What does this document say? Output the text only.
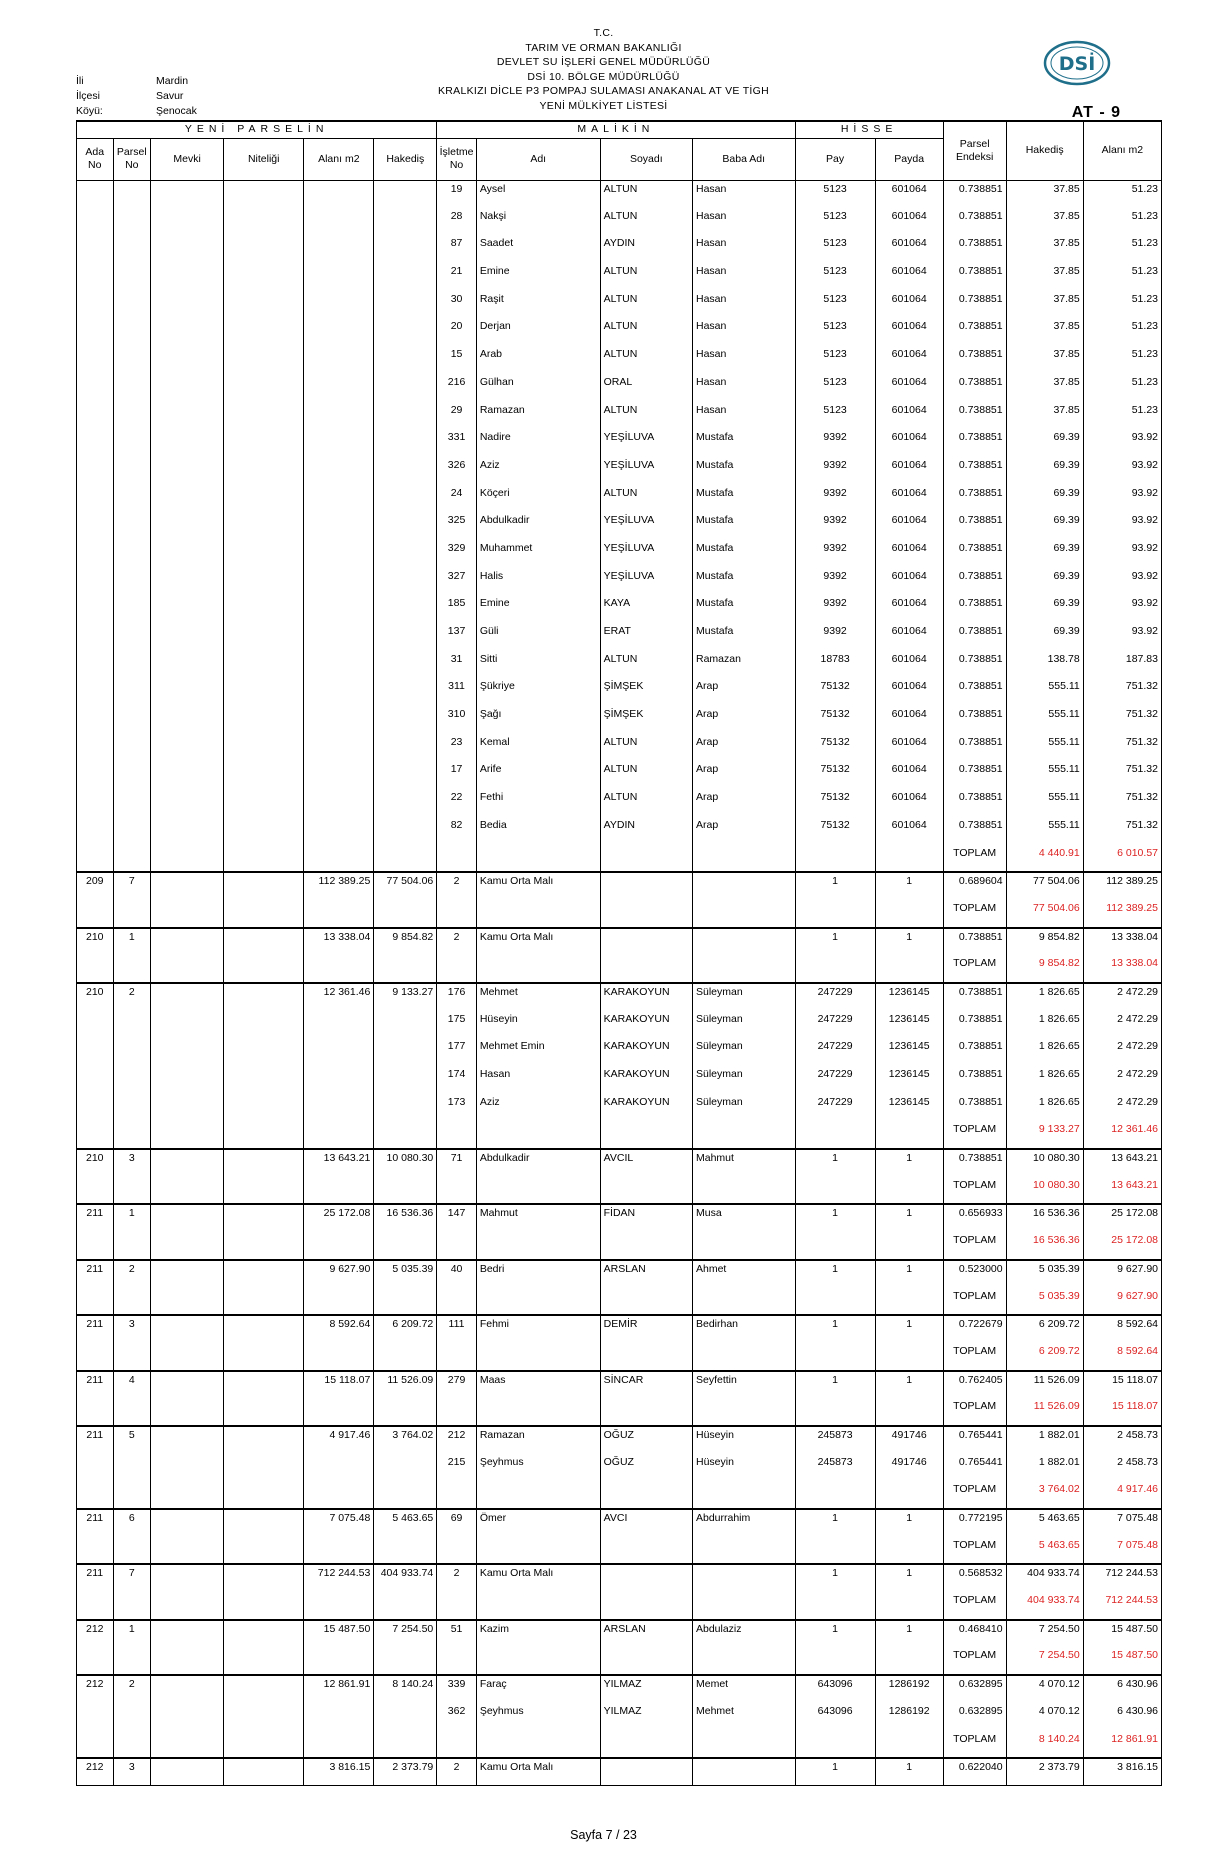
T.C.
TARIM VE ORMAN BAKANLIĞI
DEVLET SU İŞLERİ GENEL MÜDÜRLÜĞÜ
DSİ 10. BÖLGE MÜDÜRLÜĞÜ
KRALKIZI DİCLE P3 POMPAJ SULAMASI ANAKANAL AT VE TİGH
YENİ MÜLKİYET LİSTESİ
İli	Mardin
İlçesi	Savur
Köyü:	Şenocak
DSİ
AT - 9
YENİ PARSELİN						MALİKİN				HİSSE		Parsel Endeksi	Hakediş	Alanı m2
Ada No	Parsel No	Mevki	Niteliği	Alanı m2	Hakediş	İşletme No	Adı	Soyadı	Baba Adı	Pay	Payda			
						19	Aysel	ALTUN	Hasan	5123	601064	0.738851	37.85	51.23
						28	Nakşi	ALTUN	Hasan	5123	601064	0.738851	37.85	51.23
						87	Saadet	AYDIN	Hasan	5123	601064	0.738851	37.85	51.23
						21	Emine	ALTUN	Hasan	5123	601064	0.738851	37.85	51.23
						30	Raşit	ALTUN	Hasan	5123	601064	0.738851	37.85	51.23
						20	Derjan	ALTUN	Hasan	5123	601064	0.738851	37.85	51.23
						15	Arab	ALTUN	Hasan	5123	601064	0.738851	37.85	51.23
						216	Gülhan	ORAL	Hasan	5123	601064	0.738851	37.85	51.23
						29	Ramazan	ALTUN	Hasan	5123	601064	0.738851	37.85	51.23
						331	Nadire	YEŞİLUVA	Mustafa	9392	601064	0.738851	69.39	93.92
						326	Aziz	YEŞİLUVA	Mustafa	9392	601064	0.738851	69.39	93.92
						24	Köçeri	ALTUN	Mustafa	9392	601064	0.738851	69.39	93.92
						325	Abdulkadir	YEŞİLUVA	Mustafa	9392	601064	0.738851	69.39	93.92
						329	Muhammet	YEŞİLUVA	Mustafa	9392	601064	0.738851	69.39	93.92
						327	Halis	YEŞİLUVA	Mustafa	9392	601064	0.738851	69.39	93.92
						185	Emine	KAYA	Mustafa	9392	601064	0.738851	69.39	93.92
						137	Güli	ERAT	Mustafa	9392	601064	0.738851	69.39	93.92
						31	Sitti	ALTUN	Ramazan	18783	601064	0.738851	138.78	187.83
						311	Şükriye	ŞİMŞEK	Arap	75132	601064	0.738851	555.11	751.32
						310	Şağı	ŞİMŞEK	Arap	75132	601064	0.738851	555.11	751.32
						23	Kemal	ALTUN	Arap	75132	601064	0.738851	555.11	751.32
						17	Arife	ALTUN	Arap	75132	601064	0.738851	555.11	751.32
						22	Fethi	ALTUN	Arap	75132	601064	0.738851	555.11	751.32
						82	Bedia	AYDIN	Arap	75132	601064	0.738851	555.11	751.32
												TOPLAM	4 440.91	6 010.57
209	7			112 389.25	77 504.06	2	Kamu Orta Malı			1	1	0.689604	77 504.06	112 389.25
												TOPLAM	77 504.06	112 389.25
210	1			13 338.04	9 854.82	2	Kamu Orta Malı			1	1	0.738851	9 854.82	13 338.04
												TOPLAM	9 854.82	13 338.04
210	2			12 361.46	9 133.27	176	Mehmet	KARAKOYUN	Süleyman	247229	1236145	0.738851	1 826.65	2 472.29
						175	Hüseyin	KARAKOYUN	Süleyman	247229	1236145	0.738851	1 826.65	2 472.29
						177	Mehmet Emin	KARAKOYUN	Süleyman	247229	1236145	0.738851	1 826.65	2 472.29
						174	Hasan	KARAKOYUN	Süleyman	247229	1236145	0.738851	1 826.65	2 472.29
						173	Aziz	KARAKOYUN	Süleyman	247229	1236145	0.738851	1 826.65	2 472.29
												TOPLAM	9 133.27	12 361.46
210	3			13 643.21	10 080.30	71	Abdulkadir	AVCIL	Mahmut	1	1	0.738851	10 080.30	13 643.21
												TOPLAM	10 080.30	13 643.21
211	1			25 172.08	16 536.36	147	Mahmut	FİDAN	Musa	1	1	0.656933	16 536.36	25 172.08
												TOPLAM	16 536.36	25 172.08
211	2			9 627.90	5 035.39	40	Bedri	ARSLAN	Ahmet	1	1	0.523000	5 035.39	9 627.90
												TOPLAM	5 035.39	9 627.90
211	3			8 592.64	6 209.72	111	Fehmi	DEMİR	Bedirhan	1	1	0.722679	6 209.72	8 592.64
												TOPLAM	6 209.72	8 592.64
211	4			15 118.07	11 526.09	279	Maas	SİNCAR	Seyfettin	1	1	0.762405	11 526.09	15 118.07
												TOPLAM	11 526.09	15 118.07
211	5			4 917.46	3 764.02	212	Ramazan	OĞUZ	Hüseyin	245873	491746	0.765441	1 882.01	2 458.73
						215	Şeyhmus	OĞUZ	Hüseyin	245873	491746	0.765441	1 882.01	2 458.73
												TOPLAM	3 764.02	4 917.46
211	6			7 075.48	5 463.65	69	Ömer	AVCI	Abdurrahim	1	1	0.772195	5 463.65	7 075.48
												TOPLAM	5 463.65	7 075.48
211	7			712 244.53	404 933.74	2	Kamu Orta Malı			1	1	0.568532	404 933.74	712 244.53
												TOPLAM	404 933.74	712 244.53
212	1			15 487.50	7 254.50	51	Kazim	ARSLAN	Abdulaziz	1	1	0.468410	7 254.50	15 487.50
												TOPLAM	7 254.50	15 487.50
212	2			12 861.91	8 140.24	339	Faraç	YILMAZ	Memet	643096	1286192	0.632895	4 070.12	6 430.96
						362	Şeyhmus	YILMAZ	Mehmet	643096	1286192	0.632895	4 070.12	6 430.96
												TOPLAM	8 140.24	12 861.91
212	3			3 816.15	2 373.79	2	Kamu Orta Malı			1	1	0.622040	2 373.79	3 816.15
Sayfa 7 / 23
